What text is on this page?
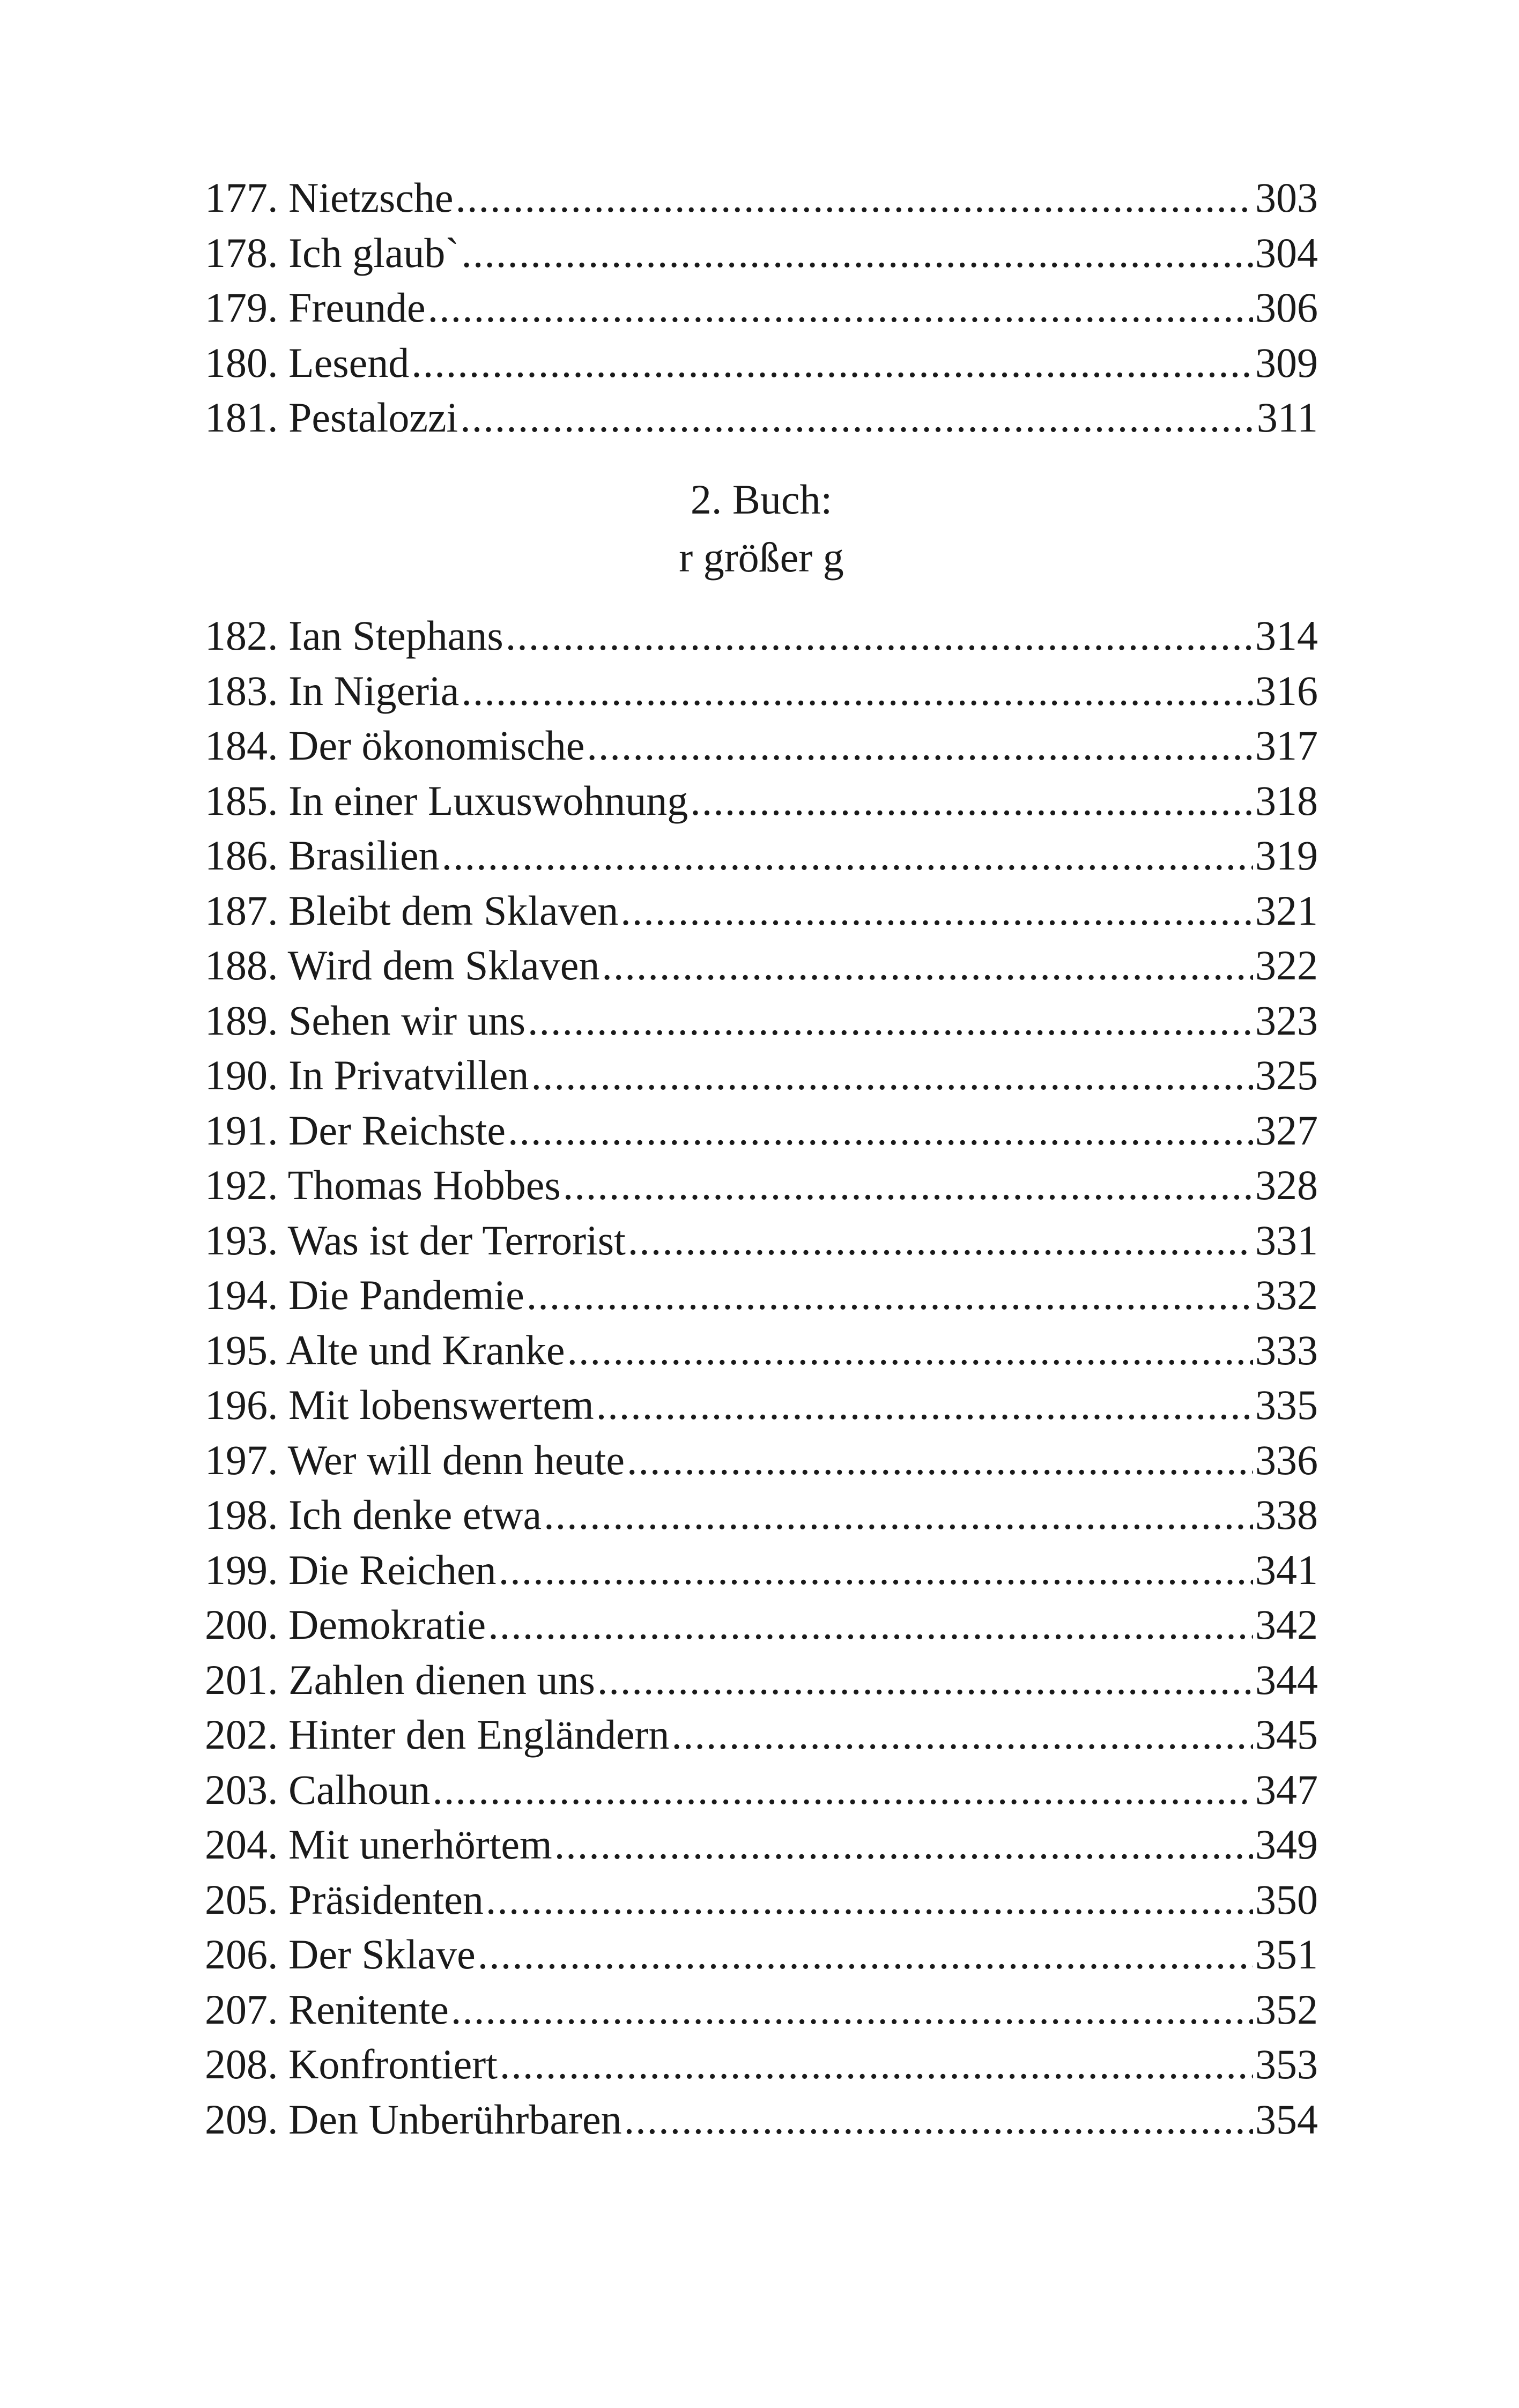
177. Nietzsche .....	303
178. Ich glaub` .....	304
179. Freunde .....	306
180. Lesend .....	309
181. Pestalozzi .....	311
2. Buch:
r größer g
182. Ian Stephans .....	314
183. In Nigeria .....	316
184. Der ökonomische .....	317
185. In einer Luxuswohnung .....	318
186. Brasilien .....	319
187. Bleibt dem Sklaven .....	321
188. Wird dem Sklaven .....	322
189. Sehen wir uns .....	323
190. In Privatvillen .....	325
191. Der Reichste .....	327
192. Thomas Hobbes .....	328
193. Was ist der Terrorist .....	331
194. Die Pandemie .....	332
195. Alte und Kranke .....	333
196. Mit lobenswertem .....	335
197. Wer will denn heute .....	336
198. Ich denke etwa .....	338
199. Die Reichen .....	341
200. Demokratie .....	342
201. Zahlen dienen uns .....	344
202. Hinter den Engländern .....	345
203. Calhoun .....	347
204. Mit unerhörtem .....	349
205. Präsidenten .....	350
206. Der Sklave .....	351
207. Renitente .....	352
208. Konfrontiert .....	353
209. Den Unberührbaren .....	354
